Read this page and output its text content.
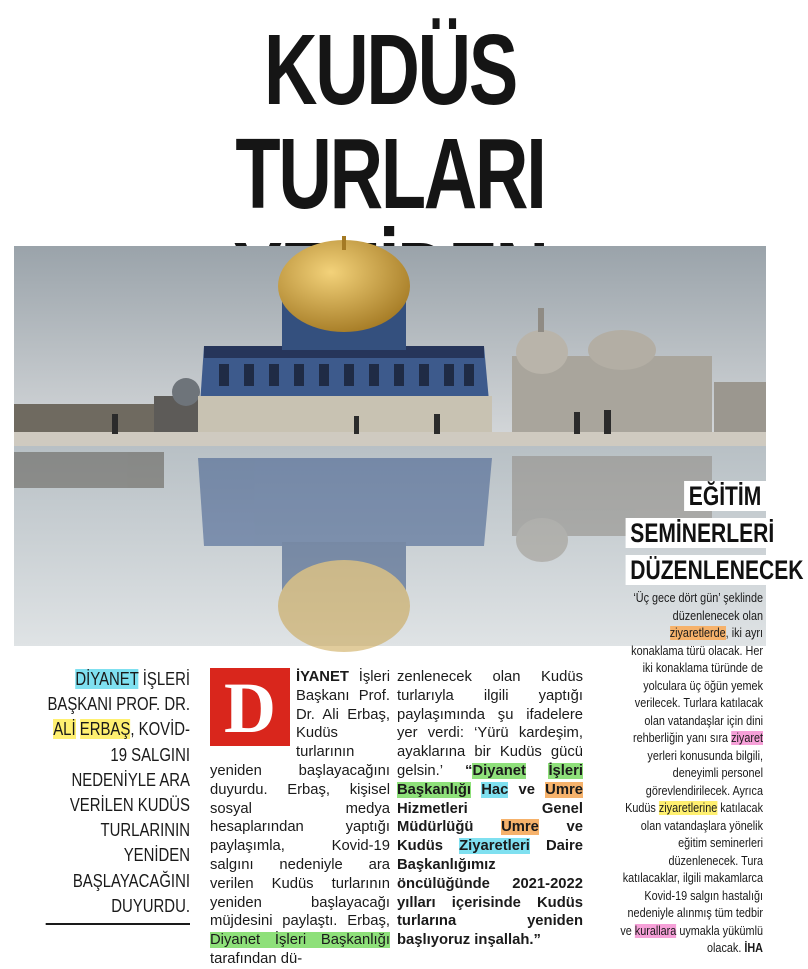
KUDÜS TURLARI
EĞİTİM
SEMİNERLERİ
DÜZENLENECEK

‘Üç gece dört gün’ şeklinde düzenlenecek olan ziyaretlerde, iki ayrı konaklama türü olacak. Her iki konaklama türünde de yolculara üç öğün yemek verilecek. Turlara katılacak olan vatandaşlar için dini rehberliğin yanı sıra ziyaret yerleri konusunda bilgili, deneyimli personel görevlendirilecek. Ayrıca Kudüs ziyaretlerine katılacak olan vatandaşlara yönelik eğitim seminerleri düzenlenecek. Tura katılacaklar, ilgili makamlarca Kovid-19 salgın hastalığı nedeniyle alınmış tüm tedbir ve kurallara uymakla yükümlü olacak. İHA

DİYANET İŞLERİ BAŞKANI PROF. DR. ALİ ERBAŞ, KOVİD-19 SALGINI NEDENİYLE ARA VERİLEN KUDÜS TURLARININ YENİDEN BAŞLAYACAĞINI DUYURDU.

D	İYANET İşleri Başkanı Prof. Dr. Ali Erbaş, Kudüs turlarının yeniden başlayacağını duyurdu. Erbaş, kişisel sosyal medya hesaplarından yaptığı paylaşımla, Kovid-19 salgını nedeniyle ara verilen Kudüs turlarının yeniden başlayacağı müjdesini paylaştı. Erbaş, Diyanet İşleri Başkanlığı tarafından dü-

zenlenecek olan Kudüs turlarıyla ilgili yaptığı paylaşımında şu ifadelere yer verdi: ‘Yürü kardeşim, ayaklarına bir Kudüs gücü gelsin.’ “Diyanet İşleri Başkanlığı Hac ve Umre Hizmetleri Genel Müdürlüğü Umre ve Kudüs Ziyaretleri Daire Başkanlığımız öncülüğünde 2021-2022 yılları içerisinde Kudüs turlarına yeniden başlıyoruz inşallah.”
